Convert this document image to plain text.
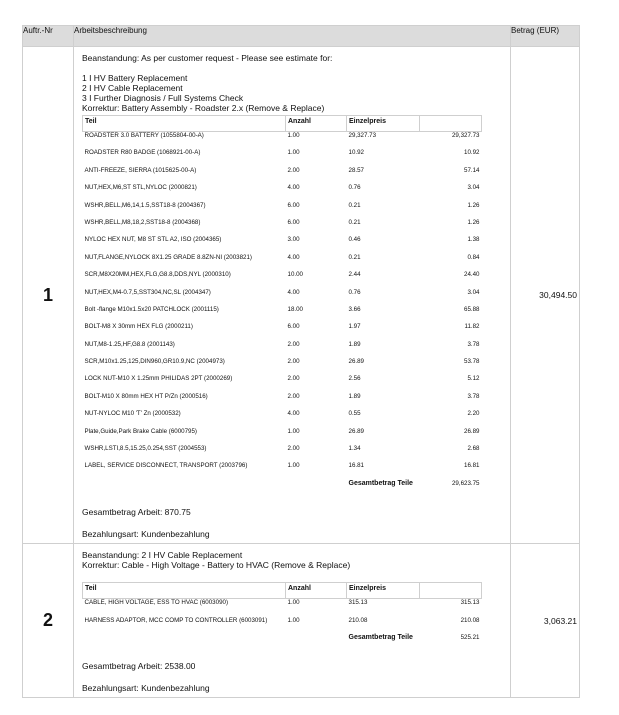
Auftr.-Nr	Arbeitsbeschreibung	Betrag (EUR)
1	
Beanstandung: As per customer request - Please see estimate for:
1 I HV Battery Replacement
2 I HV Cable Replacement
3 I Further Diagnosis / Full Systems Check
Korrektur: Battery Assembly - Roadster 2.x (Remove & Replace)
Teil	Anzahl	Einzelpreis	
ROADSTER 3.0 BATTERY (1055804-00-A)	1.00	29,327.73	29,327.73
ROADSTER R80 BADGE (1068921-00-A)	1.00	10.92	10.92
ANTI-FREEZE, SIERRA (1015625-00-A)	2.00	28.57	57.14
NUT,HEX,M6,ST STL,NYLOC (2000821)	4.00	0.76	3.04
WSHR,BELL,M6,14,1.5,SST18-8 (2004367)	6.00	0.21	1.26
WSHR,BELL,M8,18,2,SST18-8 (2004368)	6.00	0.21	1.26
NYLOC HEX NUT, M8 ST STL A2, ISO (2004365)	3.00	0.46	1.38
NUT,FLANGE,NYLOCK 8X1.25 GRADE 8.8ZN-NI (2003821)	4.00	0.21	0.84
SCR,M8X20MM,HEX,FLG,G8.8,DDS,NYL (2000310)	10.00	2.44	24.40
NUT,HEX,M4-0.7,5,SST304,NC,SL (2004347)	4.00	0.76	3.04
Bolt -flange M10x1.5x20 PATCHLOCK (2001115)	18.00	3.66	65.88
BOLT-M8 X 30mm HEX FLG (2000211)	6.00	1.97	11.82
NUT,M8-1.25,HF,G8.8 (2001143)	2.00	1.89	3.78
SCR,M10x1.25,125,DIN960,GR10.9,NC (2004973)	2.00	26.89	53.78
LOCK NUT-M10 X 1.25mm PHILIDAS 2PT (2000269)	2.00	2.56	5.12
BOLT-M10 X 80mm HEX HT P/Zn (2000516)	2.00	1.89	3.78
NUT-NYLOC M10 'T' Zn (2000532)	4.00	0.55	2.20
Plate,Guide,Park Brake Cable (6000795)	1.00	26.89	26.89
WSHR,LSTI,8.5,15.25,0.254,SST (2004553)	2.00	1.34	2.68
LABEL, SERVICE DISCONNECT, TRANSPORT (2003796)	1.00	16.81	16.81
		Gesamtbetrag Teile	29,623.75
Gesamtbetrag Arbeit: 870.75
Bezahlungsart: Kundenbezahlung
	30,494.50
2	
Beanstandung: 2 I HV Cable Replacement
Korrektur: Cable - High Voltage - Battery to HVAC (Remove & Replace)
Teil	Anzahl	Einzelpreis	
CABLE, HIGH VOLTAGE, ESS TO HVAC (6003090)	1.00	315.13	315.13
HARNESS ADAPTOR, MCC COMP TO CONTROLLER (6003091)	1.00	210.08	210.08
		Gesamtbetrag Teile	525.21
Gesamtbetrag Arbeit: 2538.00
Bezahlungsart: Kundenbezahlung
	3,063.21
